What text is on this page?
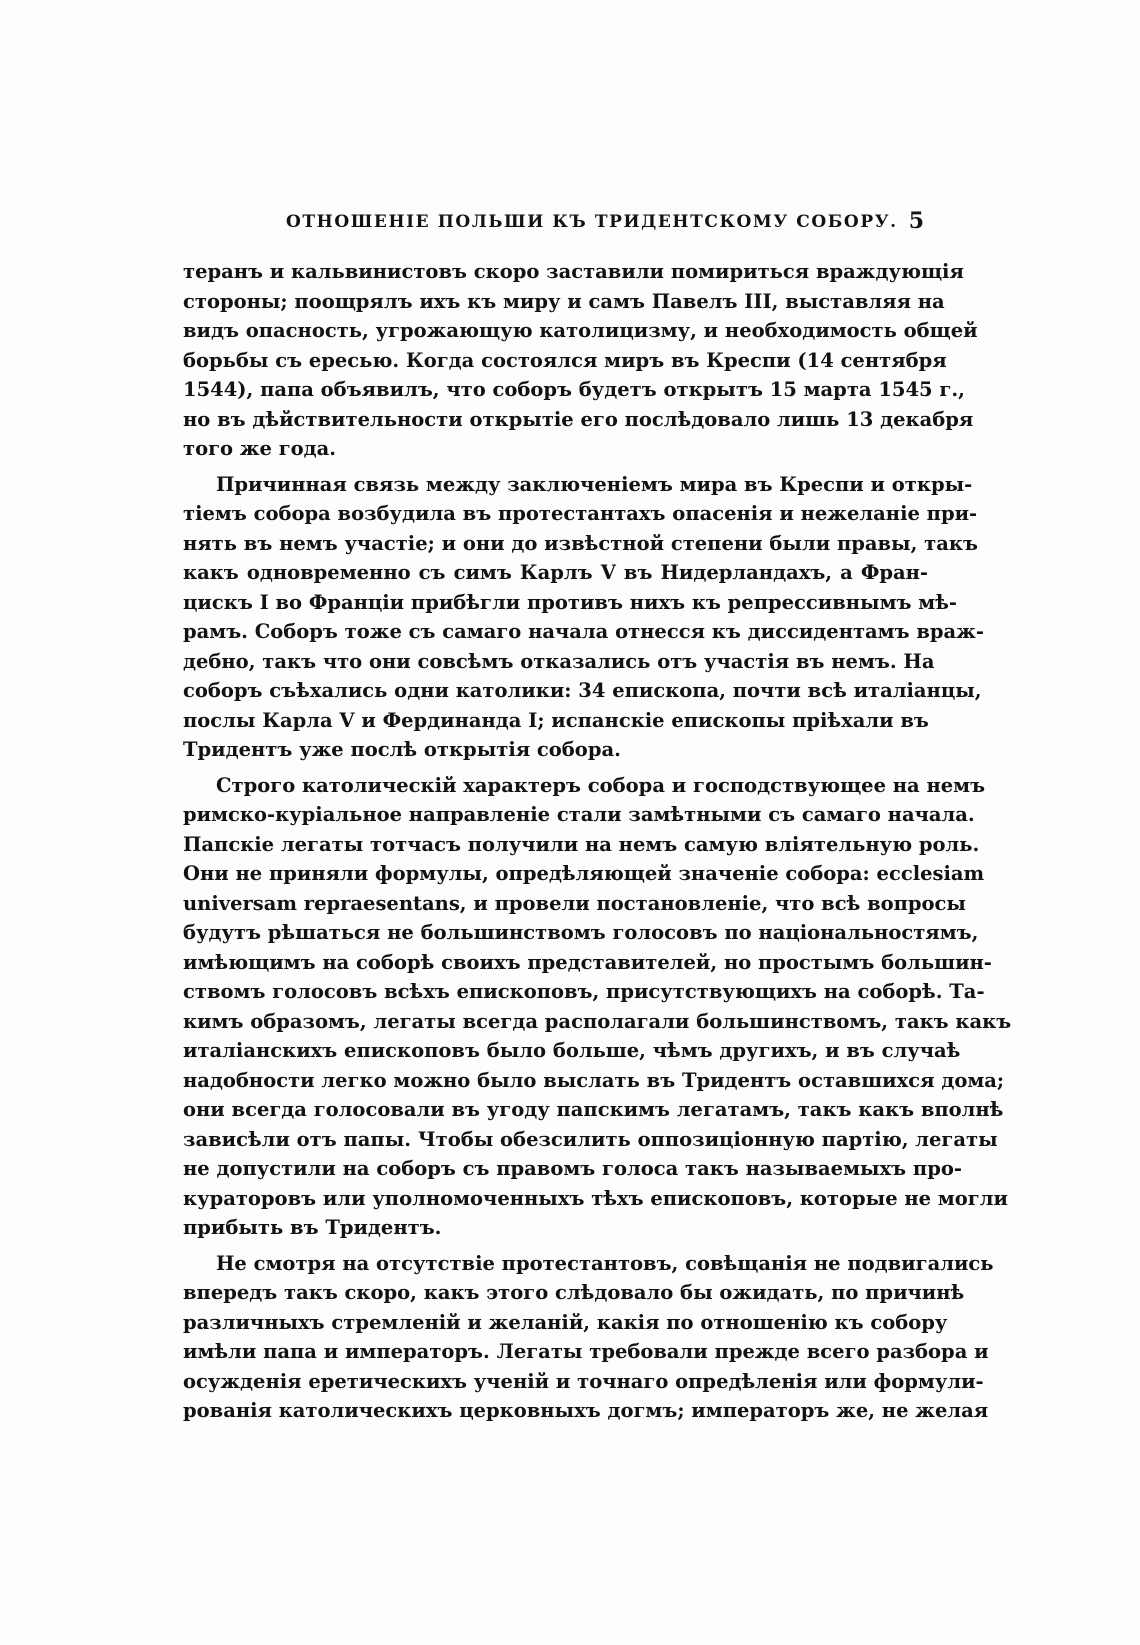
ОТНОШЕНІЕ ПОЛЬШИ КЪ ТРИДЕНТСКОМУ СОБОРУ. 5
теранъ и кальвинистовъ скоро заставили помириться враждующія
стороны; поощрялъ ихъ къ миру и самъ Павелъ III, выставляя на
видъ опасность, угрожающую католицизму, и необходимость общей
борьбы съ ересью. Когда состоялся миръ въ Креспи (14 сентября
1544), папа объявилъ, что соборъ будетъ открытъ 15 марта 1545 г.,
но въ дѣйствительности открытіе его послѣдовало лишь 13 декабря
того же года.
Причинная связь между заключеніемъ мира въ Креспи и откры-
тіемъ собора возбудила въ протестантахъ опасенія и нежеланіе при-
нять въ немъ участіе; и они до извѣстной степени были правы, такъ
какъ одновременно съ симъ Карлъ V въ Нидерландахъ, а Фран-
цискъ I во Франціи прибѣгли противъ нихъ къ репрессивнымъ мѣ-
рамъ. Соборъ тоже съ самаго начала отнесся къ диссидентамъ враж-
дебно, такъ что они совсѣмъ отказались отъ участія въ немъ. На
соборъ съѣхались одни католики: 34 епископа, почти всѣ италіанцы,
послы Карла V и Фердинанда I; испанскіе епископы пріѣхали въ
Тридентъ уже послѣ открытія собора.
Строго католическій характеръ собора и господствующее на немъ
римско-куріальное направленіе стали замѣтными съ самаго начала.
Папскіе легаты тотчасъ получили на немъ самую вліятельную роль.
Они не приняли формулы, опредѣляющей значеніе собора: ecclesiam
universam repraesentans, и провели постановленіе, что всѣ вопросы
будутъ рѣшаться не большинствомъ голосовъ по національностямъ,
имѣющимъ на соборѣ своихъ представителей, но простымъ большин-
ствомъ голосовъ всѣхъ епископовъ, присутствующихъ на соборѣ. Та-
кимъ образомъ, легаты всегда располагали большинствомъ, такъ какъ
италіанскихъ епископовъ было больше, чѣмъ другихъ, и въ случаѣ
надобности легко можно было выслать въ Тридентъ оставшихся дома;
они всегда голосовали въ угоду папскимъ легатамъ, такъ какъ вполнѣ
зависѣли отъ папы. Чтобы обезсилить оппозиціонную партію, легаты
не допустили на соборъ съ правомъ голоса такъ называемыхъ про-
кураторовъ или уполномоченныхъ тѣхъ епископовъ, которые не могли
прибыть въ Тридентъ.
Не смотря на отсутствіе протестантовъ, совѣщанія не подвигались
впередъ такъ скоро, какъ этого слѣдовало бы ожидать, по причинѣ
различныхъ стремленій и желаній, какія по отношенію къ собору
имѣли папа и императоръ. Легаты требовали прежде всего разбора и
осужденія еретическихъ ученій и точнаго опредѣленія или формули-
рованія католическихъ церковныхъ догмъ; императоръ же, не желая
